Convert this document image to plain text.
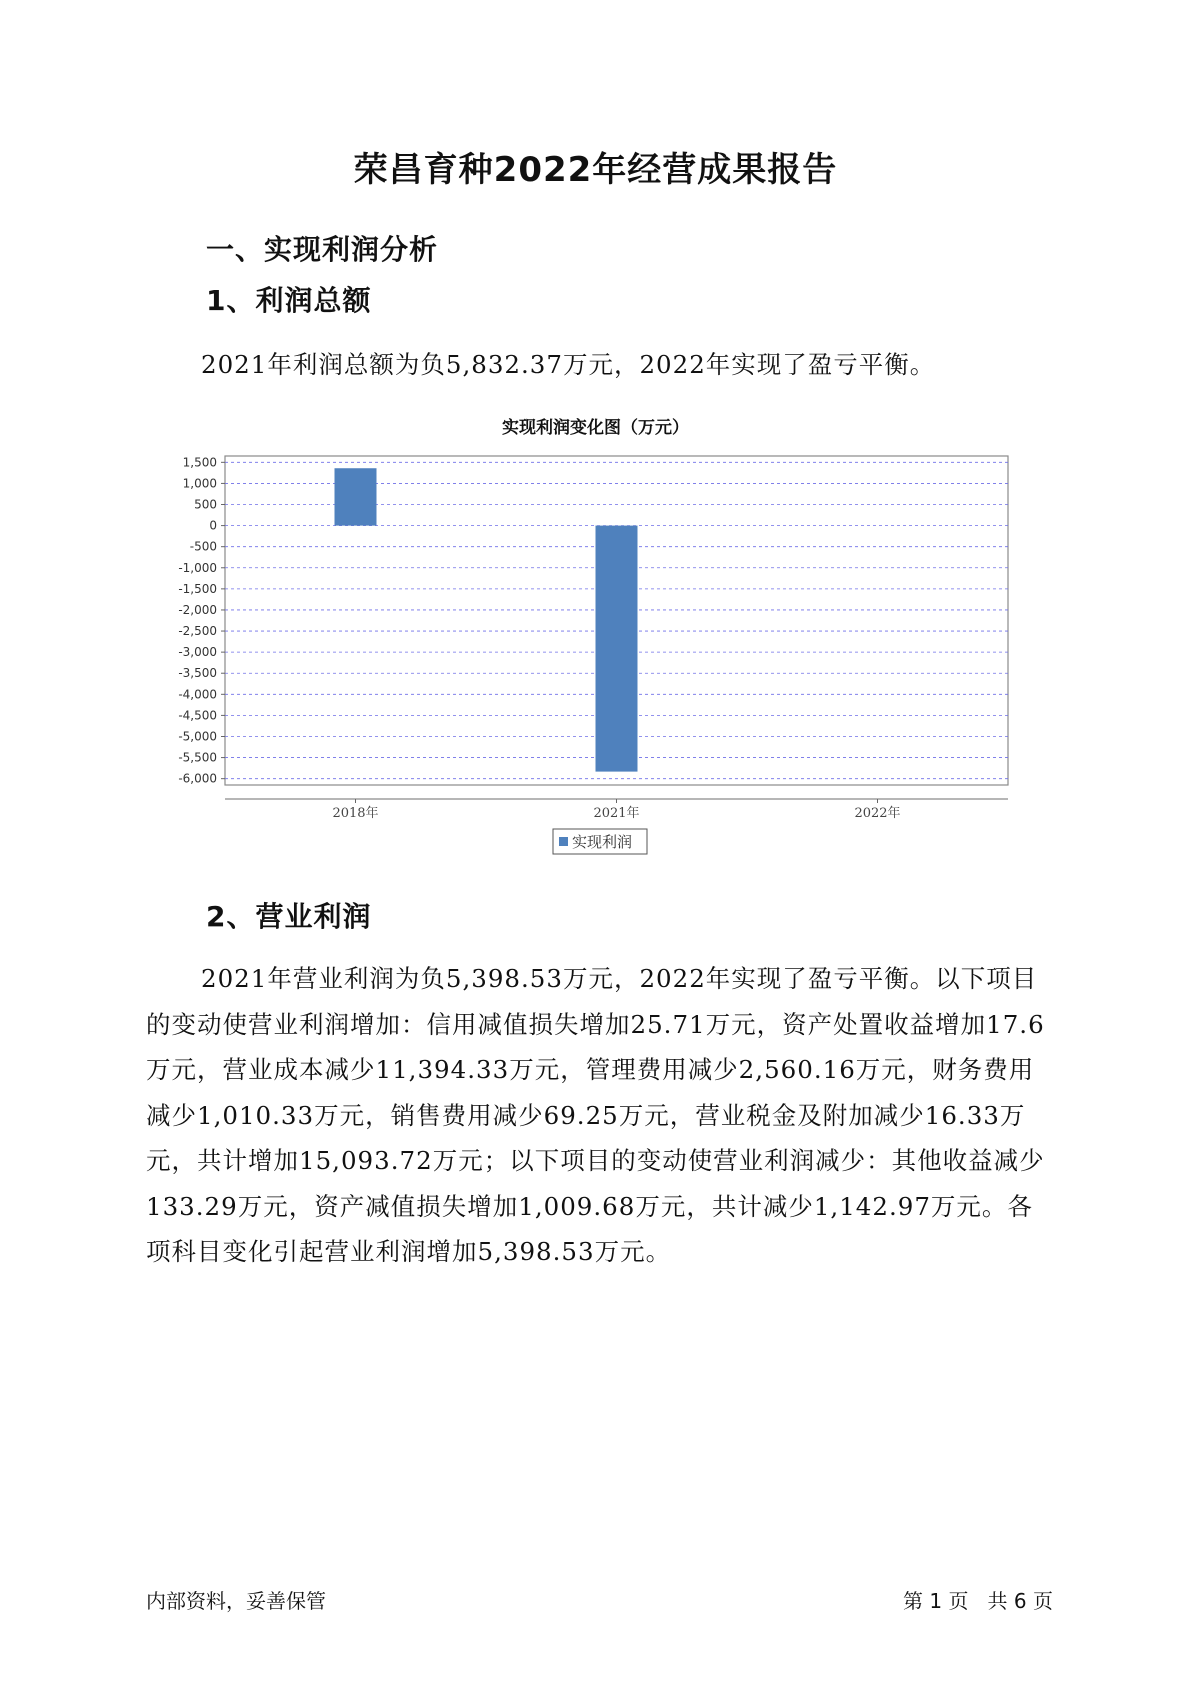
荣昌育种2022年经营成果报告
一、实现利润分析
1、利润总额

2021年利润总额为负5,832.37万元，2022年实现了盈亏平衡。

实现利润变化图（万元）
1,500
1,000
500
0
-500
-1,000
-1,500
-2,000
-2,500
-3,000
-3,500
-4,000
-4,500
-5,000
-5,500
-6,000
2018年	2021年	2022年
实现利润
2、营业利润

2021年营业利润为负5,398.53万元，2022年实现了盈亏平衡。以下项目的变动使营业利润增加：信用减值损失增加25.71万元，资产处置收益增加17.6万元，营业成本减少11,394.33万元，管理费用减少2,560.16万元，财务费用减少1,010.33万元，销售费用减少69.25万元，营业税金及附加减少16.33万元，共计增加15,093.72万元；以下项目的变动使营业利润减少：其他收益减少133.29万元，资产减值损失增加1,009.68万元，共计减少1,142.97万元。各项科目变化引起营业利润增加5,398.53万元。

内部资料，妥善保管	第 1 页 共 6 页
